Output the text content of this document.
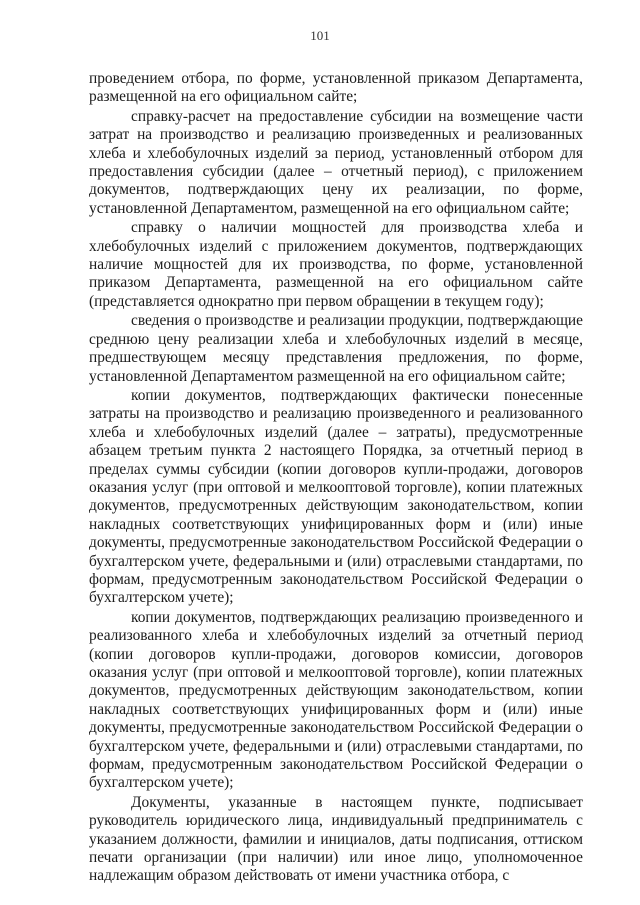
101

проведением отбора, по форме, установленной приказом Департамента, размещенной на его официальном сайте;

справку-расчет на предоставление субсидии на возмещение части затрат на производство и реализацию произведенных и реализованных хлеба и хлебобулочных изделий за период, установленный отбором для предоставления субсидии (далее – отчетный период), с приложением документов, подтверждающих цену их реализации, по форме, установленной Департаментом, размещенной на его официальном сайте;

справку о наличии мощностей для производства хлеба и хлебобулочных изделий с приложением документов, подтверждающих наличие мощностей для их производства, по форме, установленной приказом Департамента, размещенной на его официальном сайте (представляется однократно при первом обращении в текущем году);

сведения о производстве и реализации продукции, подтверждающие среднюю цену реализации хлеба и хлебобулочных изделий в месяце, предшествующем месяцу представления предложения, по форме, установленной Департаментом размещенной на его официальном сайте;

копии документов, подтверждающих фактически понесенные затраты на производство и реализацию произведенного и реализованного хлеба и хлебобулочных изделий (далее – затраты), предусмотренные абзацем третьим пункта 2 настоящего Порядка, за отчетный период в пределах суммы субсидии (копии договоров купли-продажи, договоров оказания услуг (при оптовой и мелкооптовой торговле), копии платежных документов, предусмотренных действующим законодательством, копии накладных соответствующих унифицированных форм и (или) иные документы, предусмотренные законодательством Российской Федерации о бухгалтерском учете, федеральными и (или) отраслевыми стандартами, по формам, предусмотренным законодательством Российской Федерации о бухгалтерском учете);

копии документов, подтверждающих реализацию произведенного и реализованного хлеба и хлебобулочных изделий за отчетный период (копии договоров купли-продажи, договоров комиссии, договоров оказания услуг (при оптовой и мелкооптовой торговле), копии платежных документов, предусмотренных действующим законодательством, копии накладных соответствующих унифицированных форм и (или) иные документы, предусмотренные законодательством Российской Федерации о бухгалтерском учете, федеральными и (или) отраслевыми стандартами, по формам, предусмотренным законодательством Российской Федерации о бухгалтерском учете);

Документы, указанные в настоящем пункте, подписывает руководитель юридического лица, индивидуальный предприниматель с указанием должности, фамилии и инициалов, даты подписания, оттиском печати организации (при наличии) или иное лицо, уполномоченное надлежащим образом действовать от имени участника отбора, с
